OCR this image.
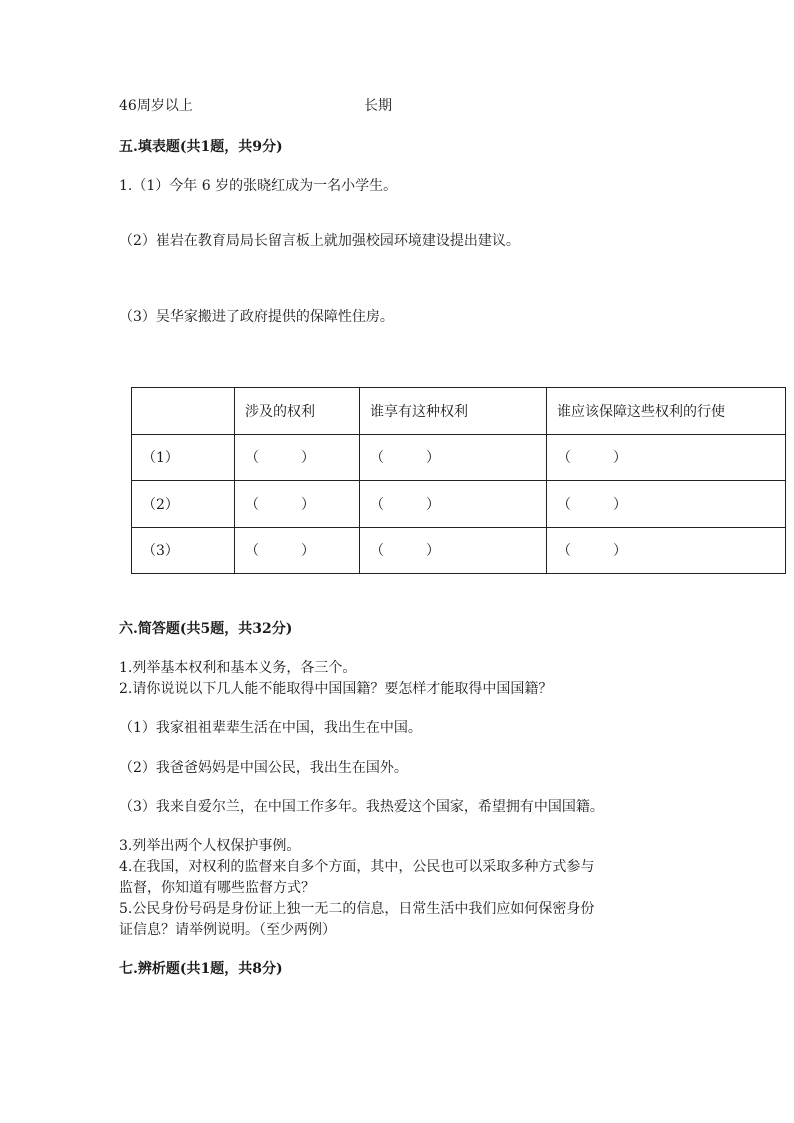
46周岁以上	长期
五.填表题(共1题，共9分)
1.（1）今年 6 岁的张晓红成为一名小学生。
（2）崔岩在教育局局长留言板上就加强校园环境建设提出建议。
（3）吴华家搬进了政府提供的保障性住房。
	涉及的权利	谁享有这种权利	谁应该保障这些权利的行使
（1）	（　　　）	（　　　）	（　　　）
（2）	（　　　）	（　　　）	（　　　）
（3）	（　　　）	（　　　）	（　　　）
六.简答题(共5题，共32分)
1.列举基本权利和基本义务，各三个。
2.请你说说以下几人能不能取得中国国籍？要怎样才能取得中国国籍？
（1）我家祖祖辈辈生活在中国，我出生在中国。
（2）我爸爸妈妈是中国公民，我出生在国外。
（3）我来自爱尔兰，在中国工作多年。我热爱这个国家，希望拥有中国国籍。
3.列举出两个人权保护事例。
4.在我国，对权利的监督来自多个方面，其中，公民也可以采取多种方式参与
监督，你知道有哪些监督方式？
5.公民身份号码是身份证上独一无二的信息，日常生活中我们应如何保密身份
证信息？请举例说明。（至少两例）
七.辨析题(共1题，共8分)
